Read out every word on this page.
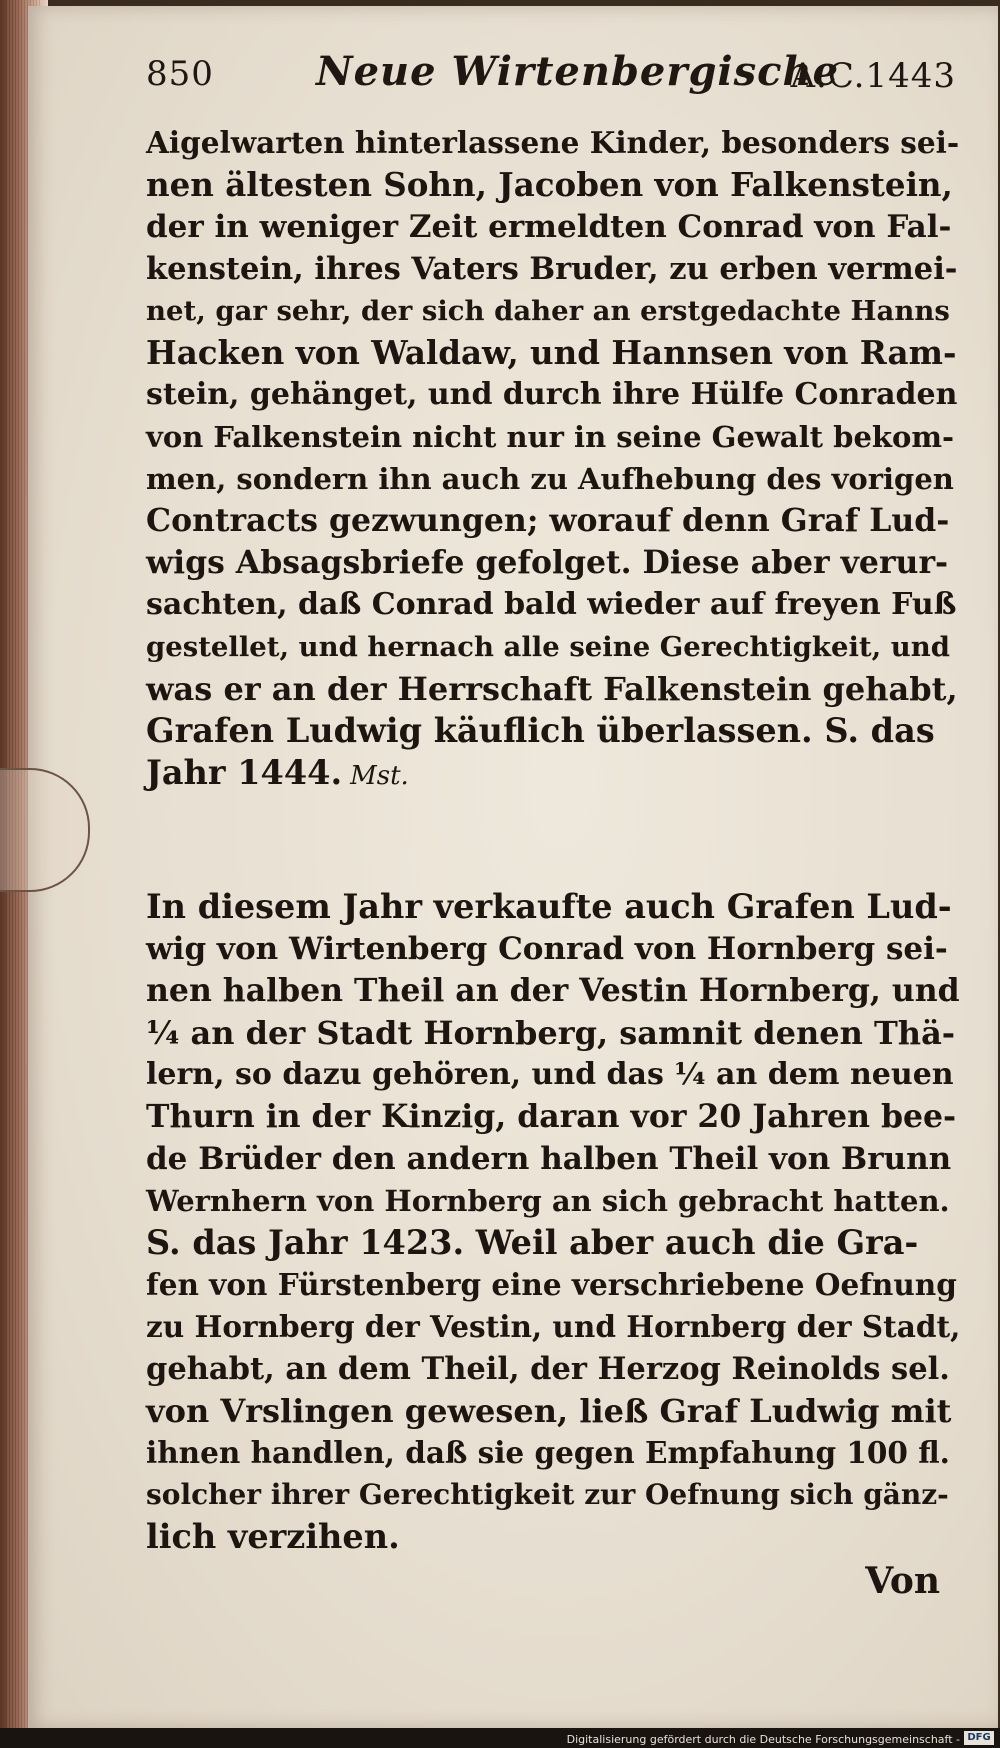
850	Neue Wirtenbergische
A.C.1443
Aigelwarten hinterlassene Kinder, besonders sei-
nen ältesten Sohn, Jacoben von Falkenstein,
der in weniger Zeit ermeldten Conrad von Fal-
kenstein, ihres Vaters Bruder, zu erben vermei-
net, gar sehr, der sich daher an erstgedachte Hanns
Hacken von Waldaw, und Hannsen von Ram-
stein, gehänget, und durch ihre Hülfe Conraden
von Falkenstein nicht nur in seine Gewalt bekom-
men, sondern ihn auch zu Aufhebung des vorigen
Contracts gezwungen; worauf denn Graf Lud-
wigs Absagsbriefe gefolget. Diese aber verur-
sachten, daß Conrad bald wieder auf freyen Fuß
gestellet, und hernach alle seine Gerechtigkeit, und
was er an der Herrschaft Falkenstein gehabt,
Grafen Ludwig käuflich überlassen. S. das
Jahr 1444. Mst.
In diesem Jahr verkaufte auch Grafen Lud-
wig von Wirtenberg Conrad von Hornberg sei-
nen halben Theil an der Vestin Hornberg, und
¼ an der Stadt Hornberg, samnit denen Thä-
lern, so dazu gehören, und das ¼ an dem neuen
Thurn in der Kinzig, daran vor 20 Jahren bee-
de Brüder den andern halben Theil von Brunn
Wernhern von Hornberg an sich gebracht hatten.
S. das Jahr 1423. Weil aber auch die Gra-
fen von Fürstenberg eine verschriebene Oefnung
zu Hornberg der Vestin, und Hornberg der Stadt,
gehabt, an dem Theil, der Herzog Reinolds sel.
von Vrslingen gewesen, ließ Graf Ludwig mit
ihnen handlen, daß sie gegen Empfahung 100 fl.
solcher ihrer Gerechtigkeit zur Oefnung sich gänz-
lich verzihen.
Von
Digitalisierung gefördert durch die Deutsche Forschungsgemeinschaft - DFG
